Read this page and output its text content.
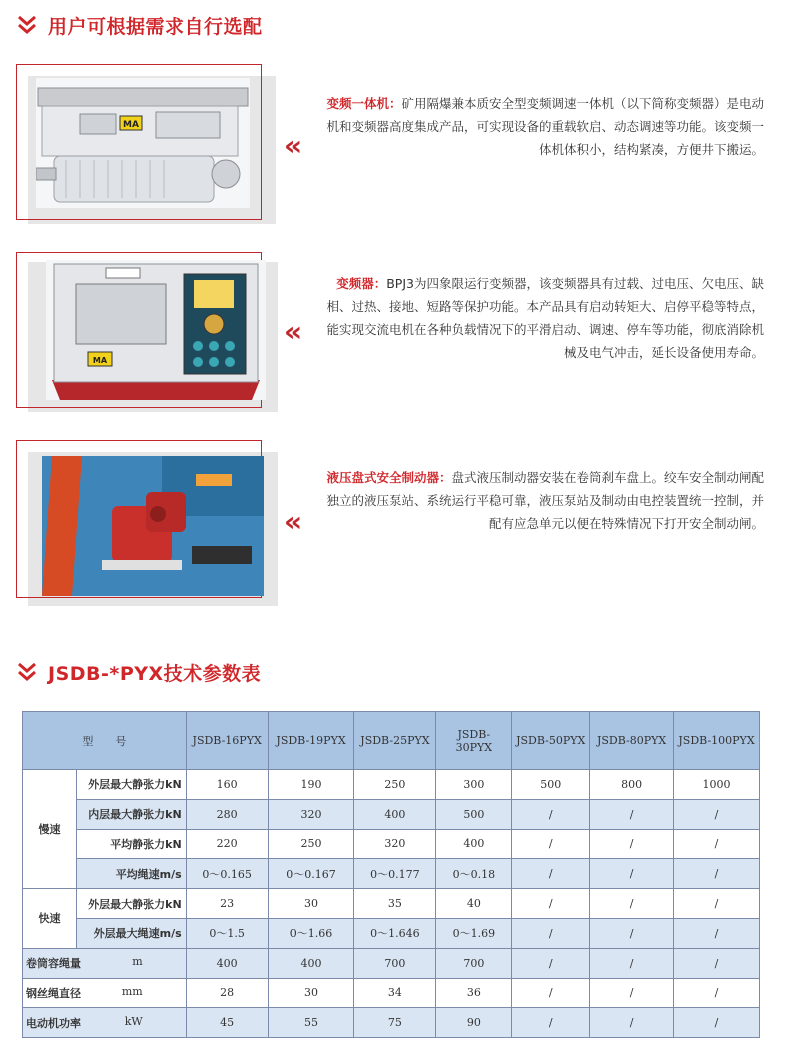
用户可根据需求自行选配
MA
«
变频一体机：矿用隔爆兼本质安全型变频调速一体机（以下简称变频器）是电动机和变频器高度集成产品，可实现设备的重载软启、动态调速等功能。该变频一体机体积小，结构紧凑，方便井下搬运。
MA
«
变频器：BPJ3为四象限运行变频器，该变频器具有过载、过电压、欠电压、缺相、过热、接地、短路等保护功能。本产品具有启动转矩大、启停平稳等特点，能实现交流电机在各种负载情况下的平滑启动、调速、停车等功能，彻底消除机械及电气冲击，延长设备使用寿命。
«
液压盘式安全制动器：盘式液压制动器安装在卷筒刹车盘上。绞车安全制动闸配独立的液压泵站、系统运行平稳可靠，液压泵站及制动由电控装置统一控制，并配有应急单元以便在特殊情况下打开安全制动闸。
JSDB-*PYX技术参数表
型　　号		JSDB-16PYX	JSDB-19PYX	JSDB-25PYX	JSDB-30PYX	JSDB-50PYX	JSDB-80PYX	JSDB-100PYX
慢速	外层最大静张力kN	160	190	250	300	500	800	1000
	内层最大静张力kN	280	320	400	500	/	/	/
	平均静张力kN	220	250	320	400	/	/	/
	平均绳速m/s	0～0.165	0～0.167	0～0.177	0～0.18	/	/	/
快速	外层最大静张力kN	23	30	35	40	/	/	/
	外层最大绳速m/s	0～1.5	0～1.66	0～1.646	0～1.69	/	/	/
卷筒容绳量 m		400	400	700	700	/	/	/
钢丝绳直径 mm		28	30	34	36	/	/	/
电动机功率 kW		45	55	75	90	/	/	/
